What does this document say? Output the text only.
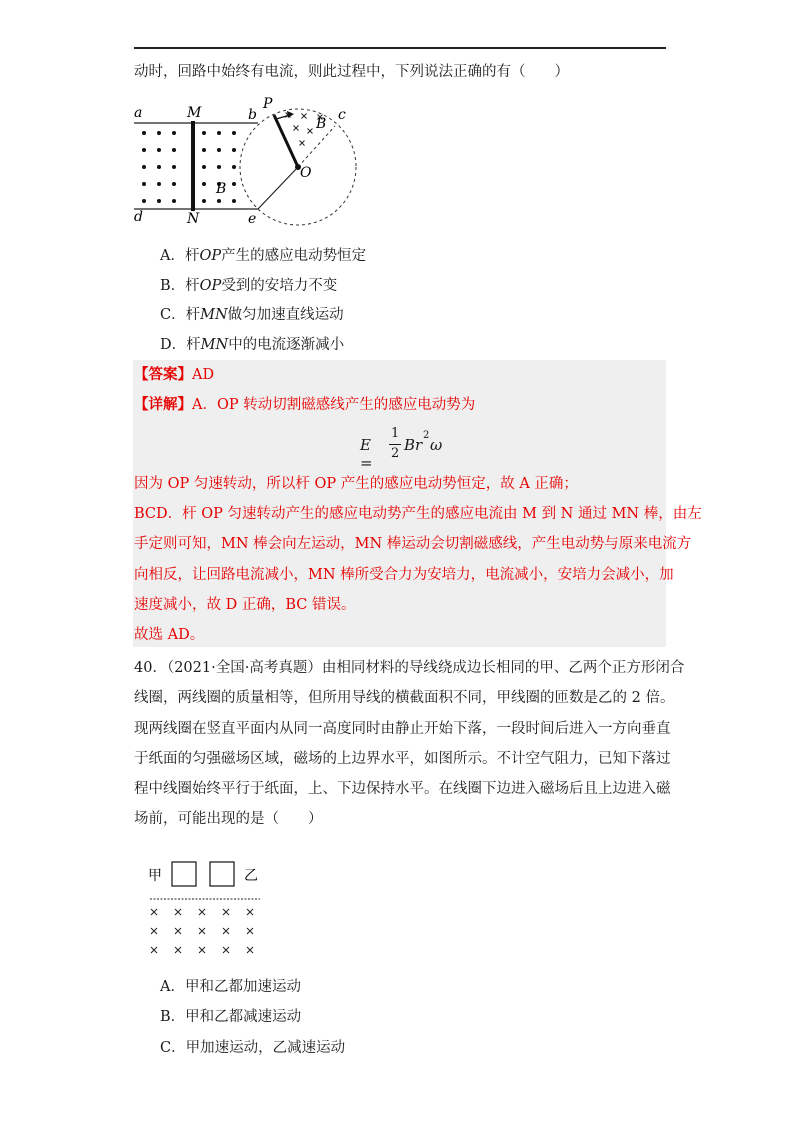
动时，回路中始终有电流，则此过程中，下列说法正确的有（　　）
a	M
P
b	c
B
O
B
d	N	e
A．杆OP产生的感应电动势恒定
B．杆OP受到的安培力不变
C．杆MN做匀加速直线运动
D．杆MN中的电流逐渐减小
【答案】AD
【详解】A．OP 转动切割磁感线产生的感应电动势为
E =
1
2 Br
2
ω
因为 OP 匀速转动，所以杆 OP 产生的感应电动势恒定，故 A 正确；
BCD．杆 OP 匀速转动产生的感应电动势产生的感应电流由 M 到 N 通过 MN 棒，由左
手定则可知，MN 棒会向左运动，MN 棒运动会切割磁感线，产生电动势与原来电流方
向相反，让回路电流减小，MN 棒所受合力为安培力，电流减小，安培力会减小，加
速度减小，故 D 正确，BC 错误。
故选 AD。
40．（2021·全国·高考真题）由相同材料的导线绕成边长相同的甲、乙两个正方形闭合
线圈，两线圈的质量相等，但所用导线的横截面积不同，甲线圈的匝数是乙的 2 倍。
现两线圈在竖直平面内从同一高度同时由静止开始下落，一段时间后进入一方向垂直
于纸面的匀强磁场区域，磁场的上边界水平，如图所示。不计空气阻力，已知下落过
程中线圈始终平行于纸面，上、下边保持水平。在线圈下边进入磁场后且上边进入磁
场前，可能出现的是（　　）
甲	乙
A．甲和乙都加速运动
B．甲和乙都减速运动
C．甲加速运动，乙减速运动
